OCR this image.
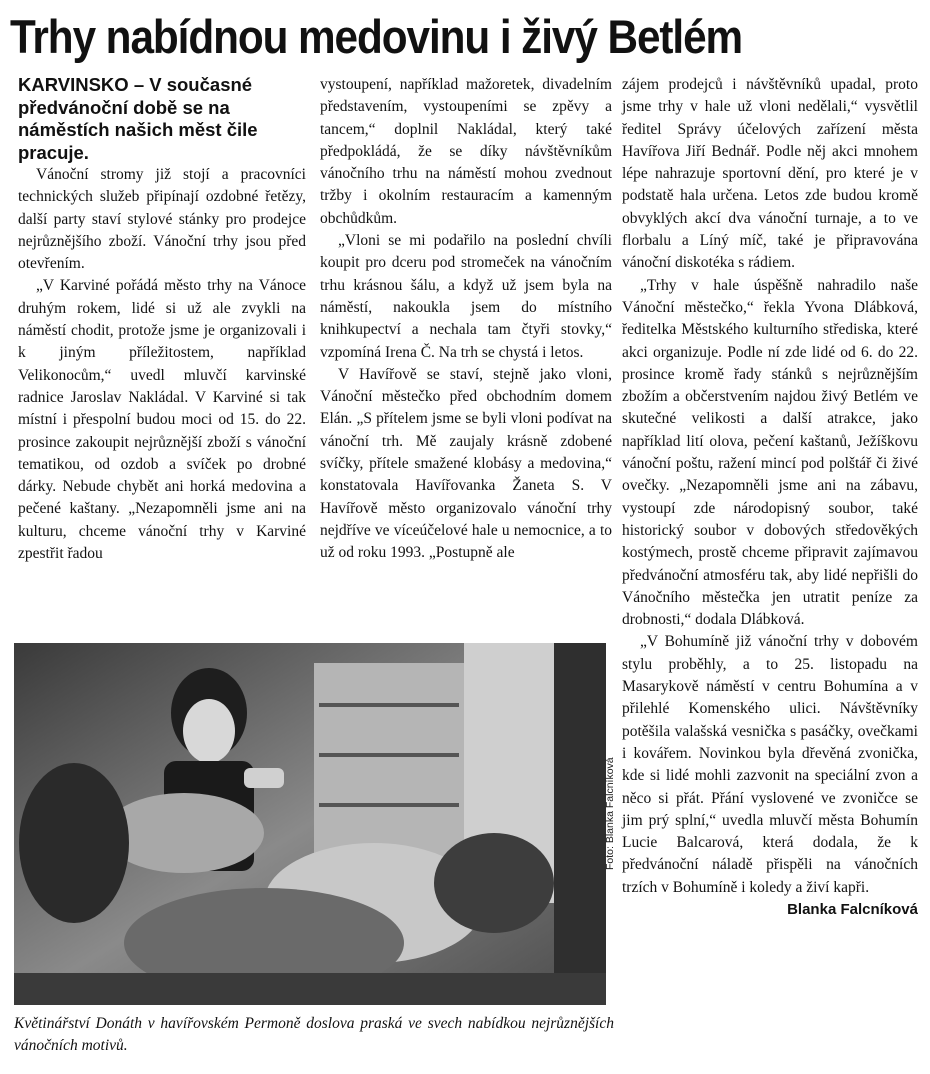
Trhy nabídnou medovinu i živý Betlém

KARVINSKO – V současné předvánoční době se na náměstích našich měst čile pracuje.

Vánoční stromy již stojí a pracovníci technických služeb připínají ozdobné řetězy, další party staví stylové stánky pro prodejce nejrůznějšího zboží. Vánoční trhy jsou před otevřením.

„V Karviné pořádá město trhy na Vánoce druhým rokem, lidé si už ale zvykli na náměstí chodit, protože jsme je organizovali i k jiným příležitostem, například Velikonocům,“ uvedl mluvčí karvinské radnice Jaroslav Nakládal. V Karviné si tak místní i přespolní budou moci od 15. do 22. prosince zakoupit nejrůznější zboží s vánoční tematikou, od ozdob a svíček po drobné dárky. Nebude chybět ani horká medovina a pečené kaštany. „Nezapomněli jsme ani na kulturu, chceme vánoční trhy v Karviné zpestřit řadou

vystoupení, například mažoretek, divadelním představením, vystoupeními se zpěvy a tancem,“ doplnil Nakládal, který také předpokládá, že se díky návštěvníkům vánočního trhu na náměstí mohou zvednout tržby i okolním restauracím a kamenným obchůdkům.

„Vloni se mi podařilo na poslední chvíli koupit pro dceru pod stromeček na vánočním trhu krásnou šálu, a když už jsem byla na náměstí, nakoukla jsem do místního knihkupectví a nechala tam čtyři stovky,“ vzpomíná Irena Č. Na trh se chystá i letos.

V Havířově se staví, stejně jako vloni, Vánoční městečko před obchodním domem Elán. „S přítelem jsme se byli vloni podívat na vánoční trh. Mě zaujaly krásně zdobené svíčky, přítele smažené klobásy a medovina,“ konstatovala Havířovanka Žaneta S. V Havířově město organizovalo vánoční trhy nejdříve ve víceúčelové hale u nemocnice, a to už od roku 1993. „Postupně ale

zájem prodejců i návštěvníků upadal, proto jsme trhy v hale už vloni nedělali,“ vysvětlil ředitel Správy účelových zařízení města Havířova Jiří Bednář. Podle něj akci mnohem lépe nahrazuje sportovní dění, pro které je v podstatě hala určena. Letos zde budou kromě obvyklých akcí dva vánoční turnaje, a to ve florbalu a Líný míč, také je připravována vánoční diskotéka s rádiem.

„Trhy v hale úspěšně nahradilo naše Vánoční městečko,“ řekla Yvona Dlábková, ředitelka Městského kulturního střediska, které akci organizuje. Podle ní zde lidé od 6. do 22. prosince kromě řady stánků s nejrůznějším zbožím a občerstvením najdou živý Betlém ve skutečné velikosti a další atrakce, jako například lití olova, pečení kaštanů, Ježíškovu vánoční poštu, ražení mincí pod polštář či živé ovečky. „Nezapomněli jsme ani na zábavu, vystoupí zde národopisný soubor, také historický soubor v dobových středověkých kostýmech, prostě chceme připravit zajímavou předvánoční atmosféru tak, aby lidé nepřišli do Vánočního městečka jen utratit peníze za drobnosti,“ dodala Dlábková.

„V Bohumíně již vánoční trhy v dobovém stylu proběhly, a to 25. listopadu na Masarykově náměstí v centru Bohumína a v přilehlé Komenského ulici. Návštěvníky potěšila valašská vesnička s pasáčky, ovečkami i kovářem. Novinkou byla dřevěná zvonička, kde si lidé mohli zazvonit na speciální zvon a něco si přát. Přání vyslovené ve zvoničce se jim prý splní,“ uvedla mluvčí města Bohumín Lucie Balcarová, která dodala, že k předvánoční náladě přispěli na vánočních trzích v Bohumíně i koledy a živí kapři.
Blanka Falcníková

Foto: Blanka Falcníková
Květinářství Donáth v havířovském Permoně doslova praská ve svech nabídkou nejrůznějších vánočních motivů.
